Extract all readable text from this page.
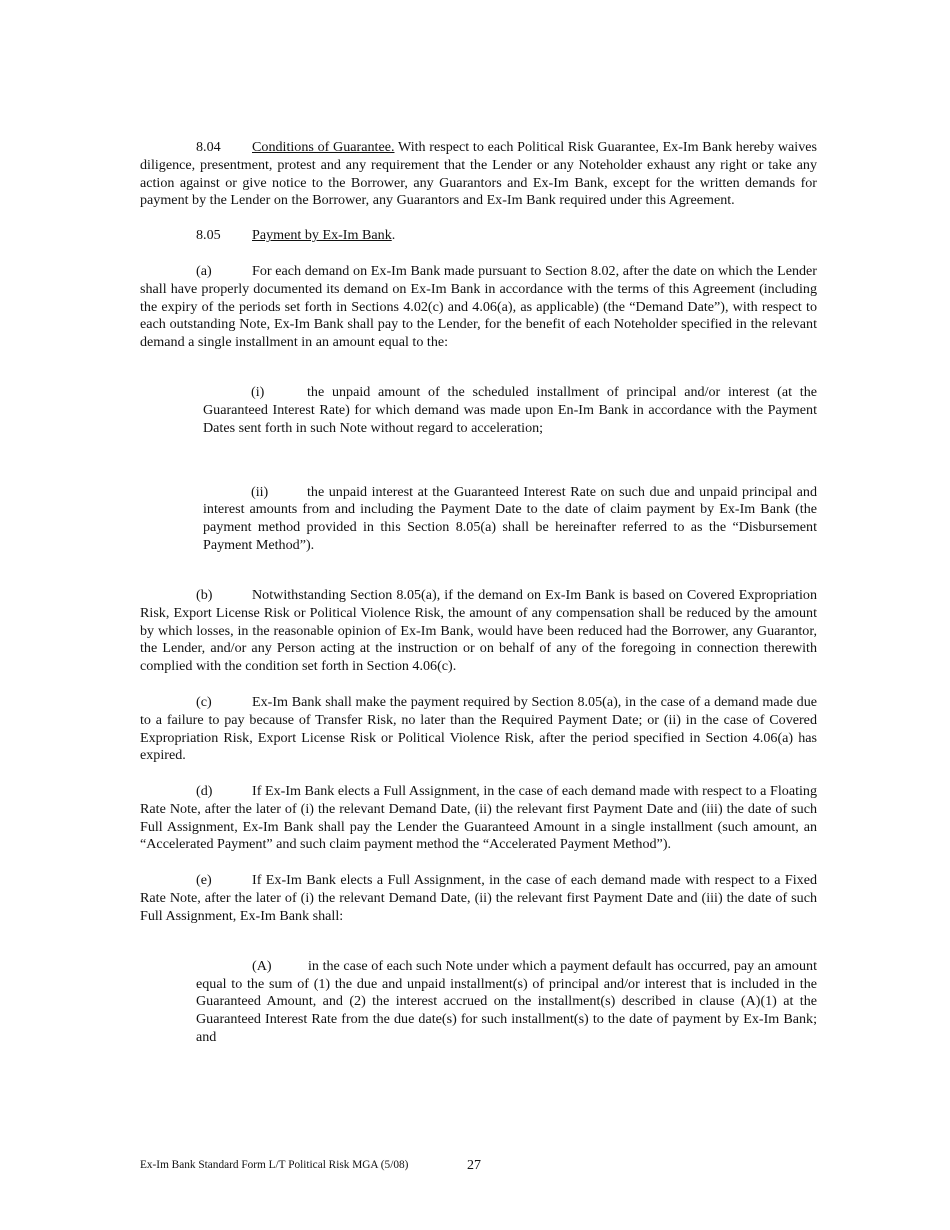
8.04 Conditions of Guarantee. With respect to each Political Risk Guarantee, Ex-Im Bank hereby waives diligence, presentment, protest and any requirement that the Lender or any Noteholder exhaust any right or take any action against or give notice to the Borrower, any Guarantors and Ex-Im Bank, except for the written demands for payment by the Lender on the Borrower, any Guarantors and Ex-Im Bank required under this Agreement.

8.05 Payment by Ex-Im Bank.

(a)	For each demand on Ex-Im Bank made pursuant to Section 8.02, after the date on which the Lender shall have properly documented its demand on Ex-Im Bank in accordance with the terms of this Agreement (including the expiry of the periods set forth in Sections 4.02(c) and 4.06(a), as applicable) (the “Demand Date”), with respect to each outstanding Note, Ex-Im Bank shall pay to the Lender, for the benefit of each Noteholder specified in the relevant demand a single installment in an amount equal to the:

(i)	the unpaid amount of the scheduled installment of principal and/or interest (at the Guaranteed Interest Rate) for which demand was made upon En-Im Bank in accordance with the Payment Dates sent forth in such Note without regard to acceleration;

(ii)	the unpaid interest at the Guaranteed Interest Rate on such due and unpaid principal and interest amounts from and including the Payment Date to the date of claim payment by Ex-Im Bank (the payment method provided in this Section 8.05(a) shall be hereinafter referred to as the “Disbursement Payment Method”).

(b)	Notwithstanding Section 8.05(a), if the demand on Ex-Im Bank is based on Covered Expropriation Risk, Export License Risk or Political Violence Risk, the amount of any compensation shall be reduced by the amount by which losses, in the reasonable opinion of Ex-Im Bank, would have been reduced had the Borrower, any Guarantor, the Lender, and/or any Person acting at the instruction or on behalf of any of the foregoing in connection therewith complied with the condition set forth in Section 4.06(c).

(c)	Ex-Im Bank shall make the payment required by Section 8.05(a), in the case of a demand made due to a failure to pay because of Transfer Risk, no later than the Required Payment Date; or (ii) in the case of Covered Expropriation Risk, Export License Risk or Political Violence Risk, after the period specified in Section 4.06(a) has expired.

(d)	If Ex-Im Bank elects a Full Assignment, in the case of each demand made with respect to a Floating Rate Note, after the later of (i) the relevant Demand Date, (ii) the relevant first Payment Date and (iii) the date of such Full Assignment, Ex-Im Bank shall pay the Lender the Guaranteed Amount in a single installment (such amount, an “Accelerated Payment” and such claim payment method the “Accelerated Payment Method”).

(e)	If Ex-Im Bank elects a Full Assignment, in the case of each demand made with respect to a Fixed Rate Note, after the later of (i) the relevant Demand Date, (ii) the relevant first Payment Date and (iii) the date of such Full Assignment, Ex-Im Bank shall:

(A)	in the case of each such Note under which a payment default has occurred, pay an amount equal to the sum of (1) the due and unpaid installment(s) of principal and/or interest that is included in the Guaranteed Amount, and (2) the interest accrued on the installment(s) described in clause (A)(1) at the Guaranteed Interest Rate from the due date(s) for such installment(s) to the date of payment by Ex-Im Bank; and

Ex-Im Bank Standard Form L/T Political Risk MGA (5/08)	27
